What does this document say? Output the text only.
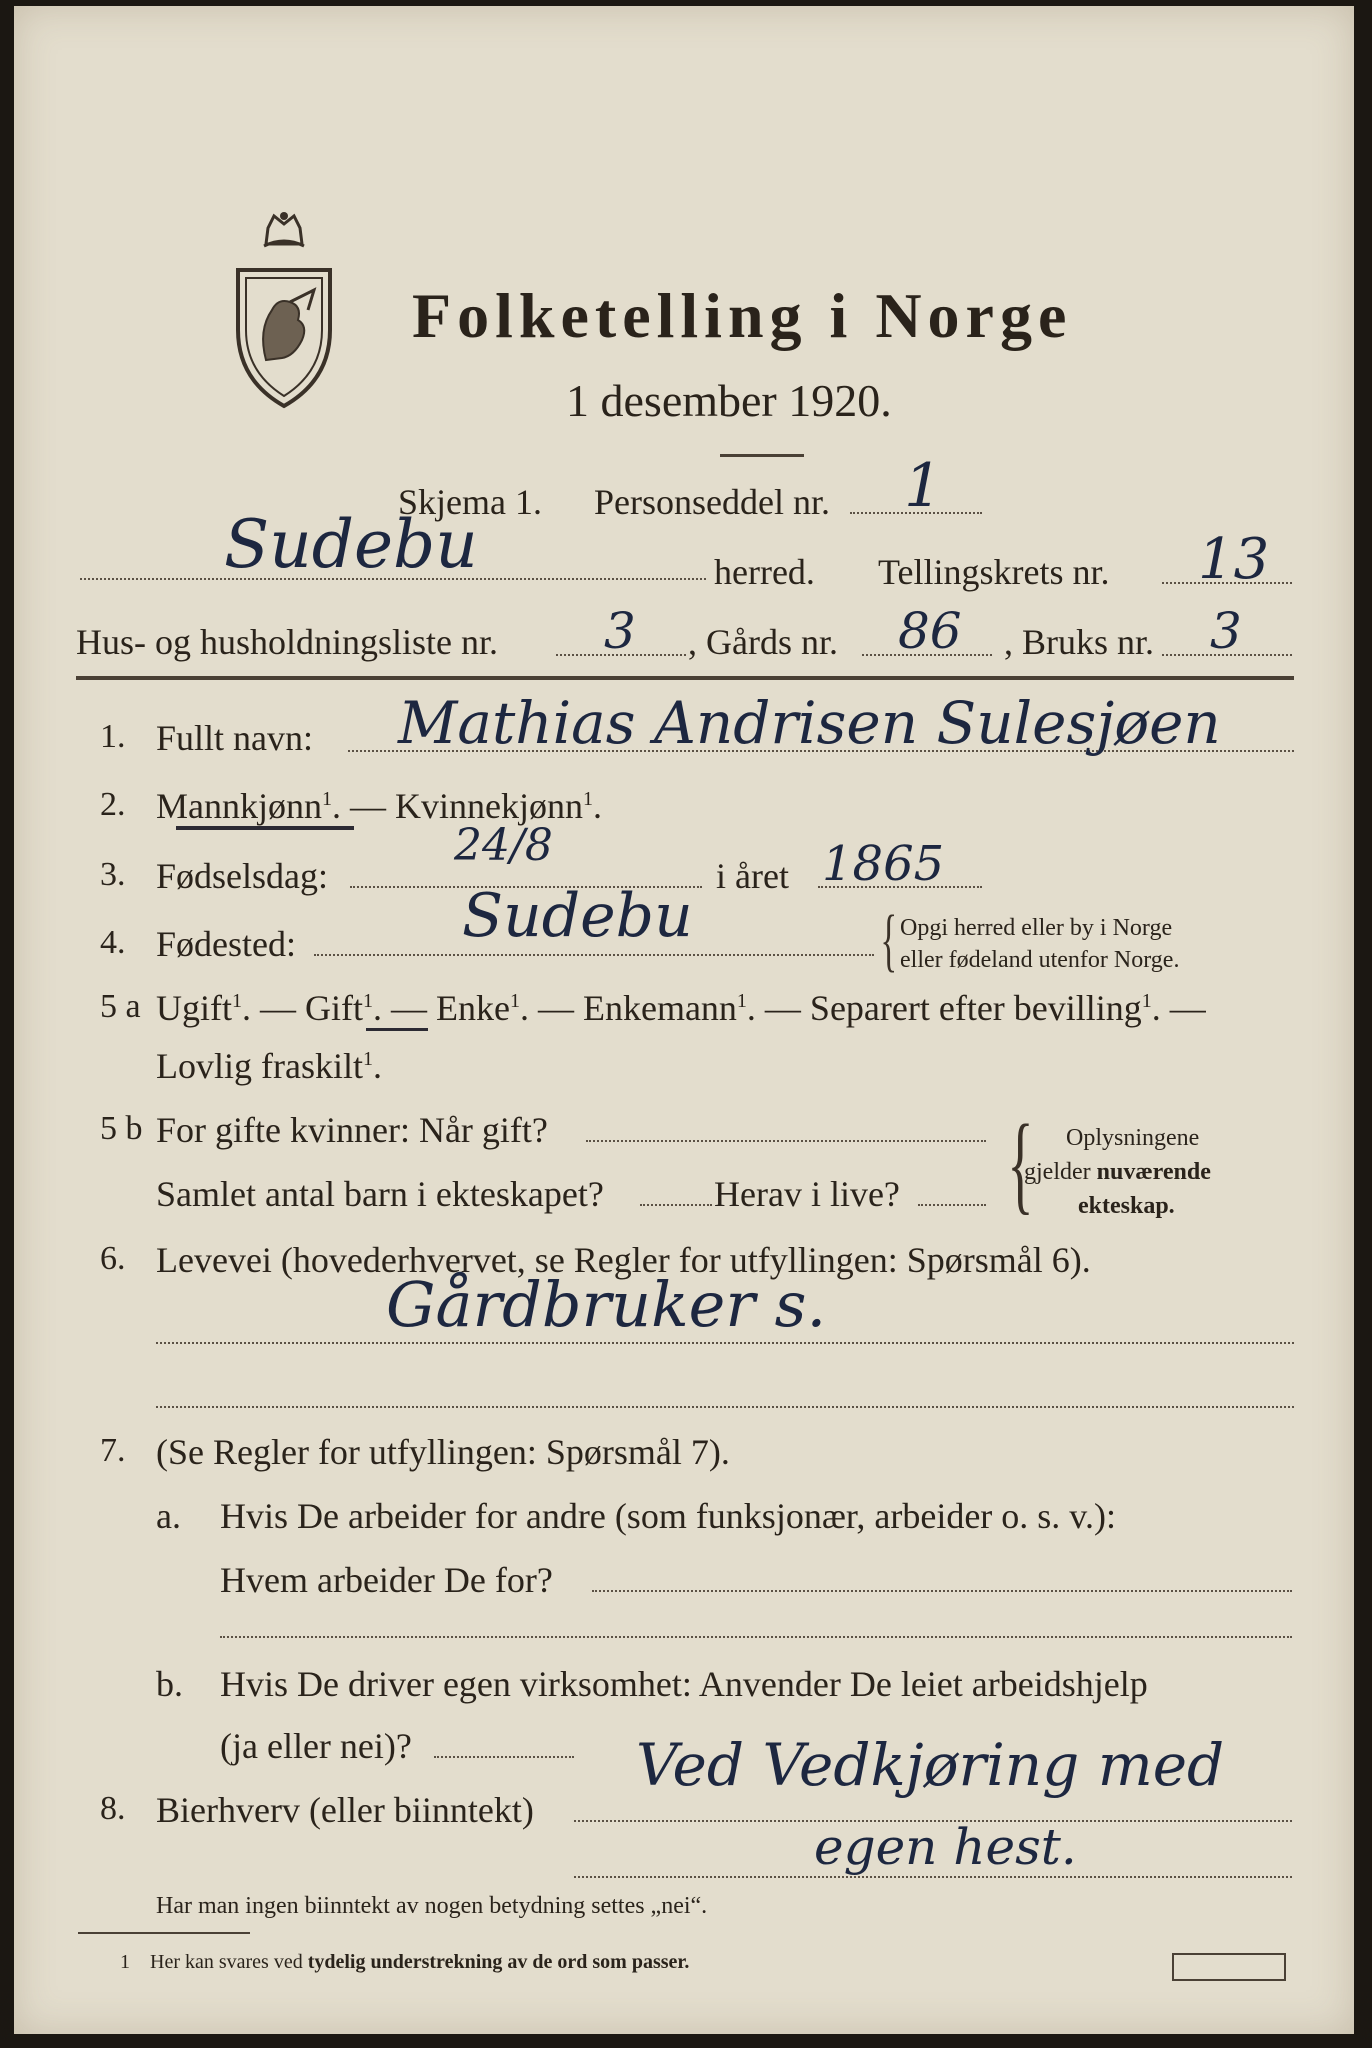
Folketelling i Norge
1 desember 1920.
Skjema 1. Personseddel nr. 1
Sudebu	herred. Tellingskrets nr. 13
Hus- og husholdningsliste nr. 3 , Gårds nr. 86 , Bruks nr. 3
1. Fullt navn: Mathias Andrisen Sulesjøen
2. Mannkjønn$^1$. — Kvinnekjønn$^1$.
3. Fødselsdag:
24/8
i året 1865
4. Fødested:	Sudebu	{ Opgi herred eller by i Norge
eller fødeland utenfor Norge.
5 a Ugift$^1$. — Gift$^1$. — Enke$^1$. — Enkemann$^1$. — Separert efter bevilling$^1$. —
Lovlig fraskilt$^1$.
5 b For gifte kvinner: Når gift?
Samlet antal barn i ekteskapet?	Herav i live? { Oplysningene
gjelder nuværende
ekteskap.
6. Levevei (hovederhvervet, se Regler for utfyllingen: Spørsmål 6).
Gårdbruker s.
7. (Se Regler for utfyllingen: Spørsmål 7).
a. Hvis De arbeider for andre (som funksjonær, arbeider o. s. v.):
Hvem arbeider De for?
b. Hvis De driver egen virksomhet: Anvender De leiet arbeidshjelp
(ja eller nei)?
8. Bierhverv (eller biinntekt)
Ved Vedkjøring med
egen hest.
Har man ingen biinntekt av nogen betydning settes „nei“.
1 Her kan svares ved tydelig understrekning av de ord som passer.
